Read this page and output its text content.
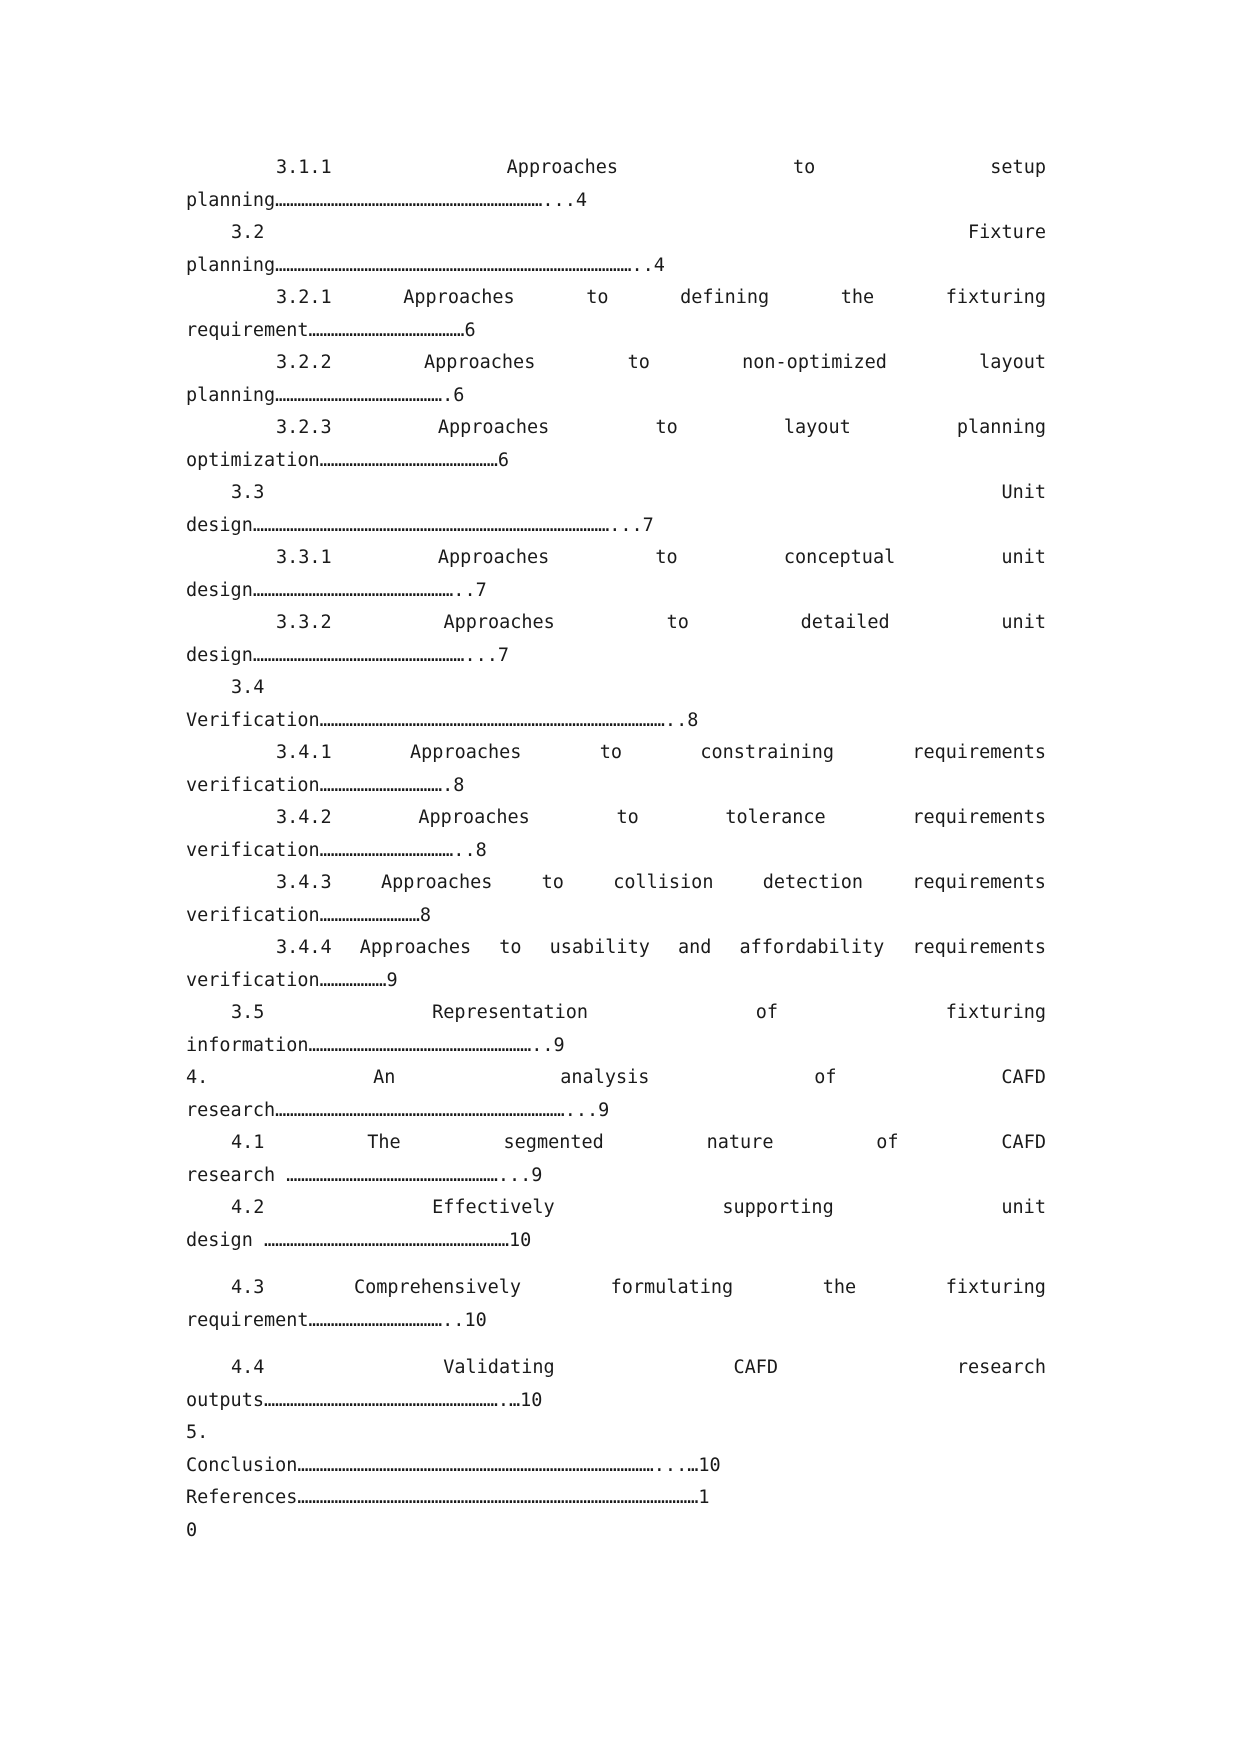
3.1.1	Approaches	to	setup
planning………………………………………………………………...4
3.2	Fixture
planning……………………………………………………………………………………..4
3.2.1	Approaches	to	defining	the	fixturing
requirement……………………………………6
3.2.2	Approaches	to	non-optimized	layout
planning……………………………………….6
3.2.3	Approaches	to	layout	planning
optimization…………………………………………6
3.3	Unit
design……………………………………………………………………………………...7
3.3.1	Approaches	to	conceptual	unit
design………………………………………………..7
3.3.2	Approaches	to	detailed	unit
design…………………………………………………...7
3.4
Verification…………………………………………………………………………………..8
3.4.1	Approaches	to	constraining	requirements
verification…………………………….8
3.4.2	Approaches	to	tolerance	requirements
verification………………………………..8
3.4.3	Approaches	to	collision	detection	requirements
verification………………………8
3.4.4 Approaches to usability and affordability requirements
verification………………9
3.5	Representation	of	fixturing
information……………………………………………………..9
4.	An	analysis	of	CAFD
research……………………………………………………………………...9
4.1	The	segmented	nature	of	CAFD
research …………………………………………………...9
4.2	Effectively	supporting	unit
design …………………………………………………………10
4.3	Comprehensively	formulating	the	fixturing
requirement………………………………..10
4.4	Validating	CAFD	research
outputs……………………………………………………….…10
5.
Conclusion……………………………………………………………………………………...…10
References………………………………………………………………………………………………1
0
